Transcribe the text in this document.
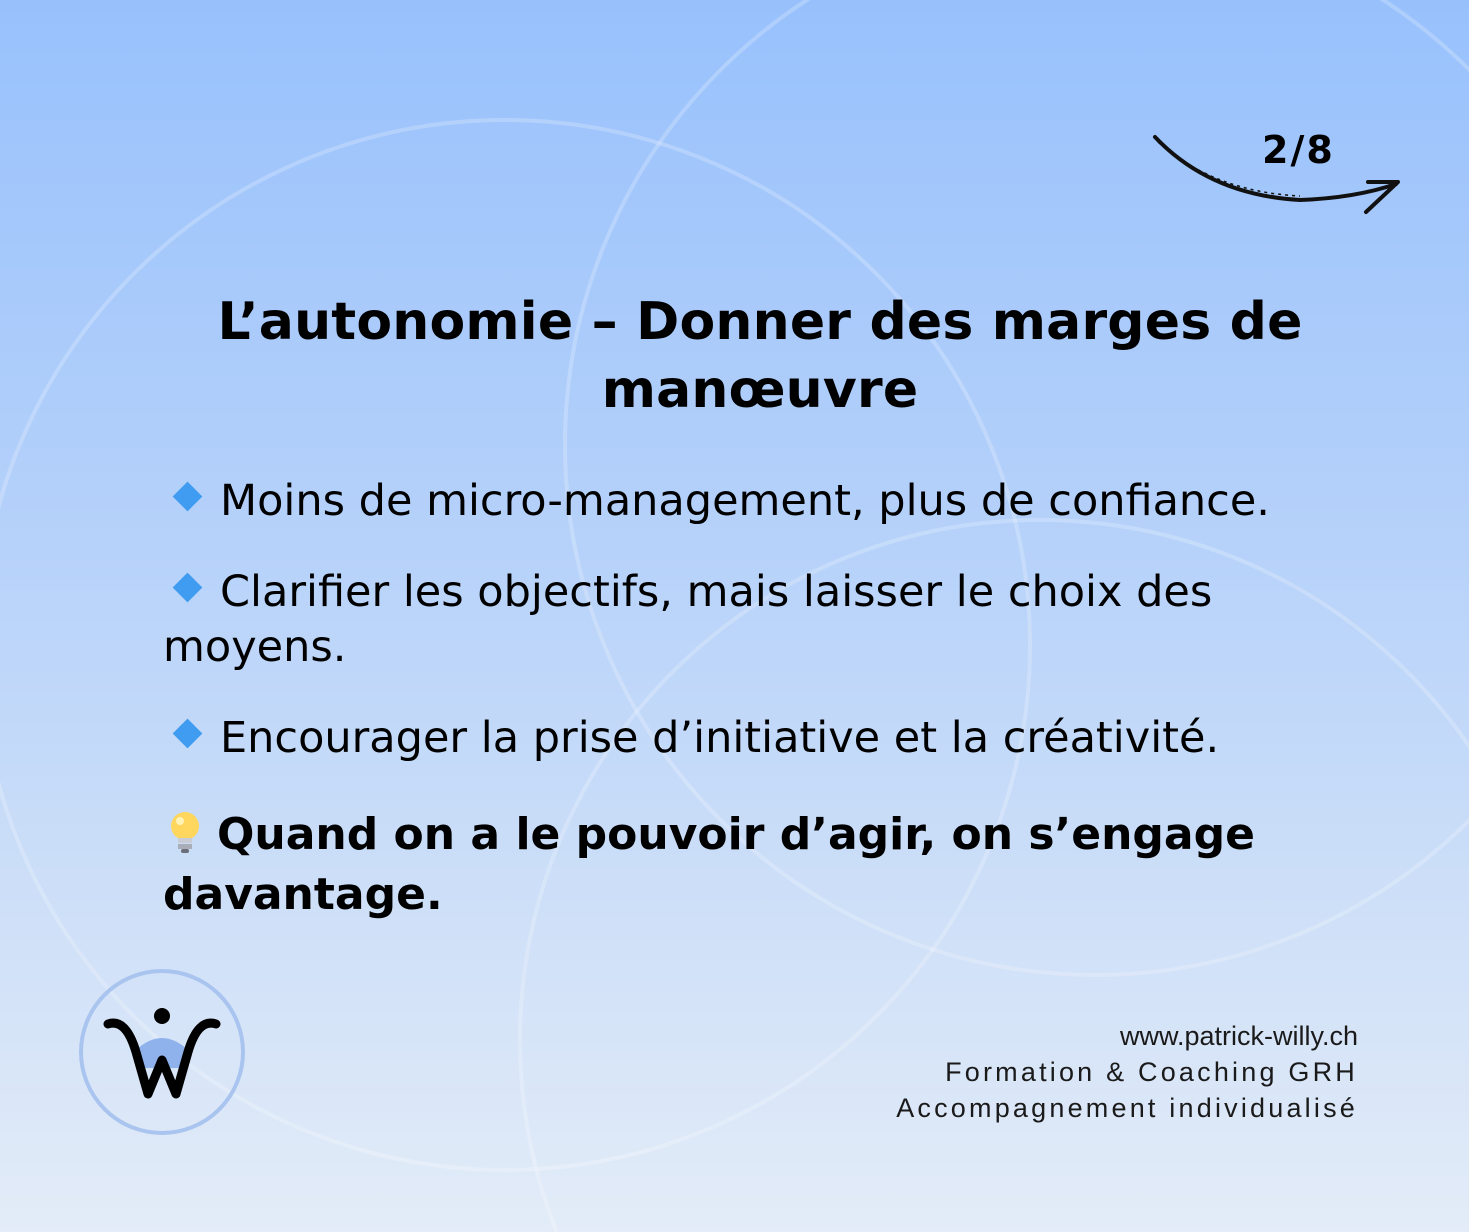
2/8
L’autonomie – Donner des marges de manœuvre
Moins de micro-management, plus de confiance.
Clarifier les objectifs, mais laisser le choix des moyens.
Encourager la prise d’initiative et la créativité.
Quand on a le pouvoir d’agir, on s’engage davantage.
www.patrick-willy.ch
Formation & Coaching GRH
Accompagnement individualisé
